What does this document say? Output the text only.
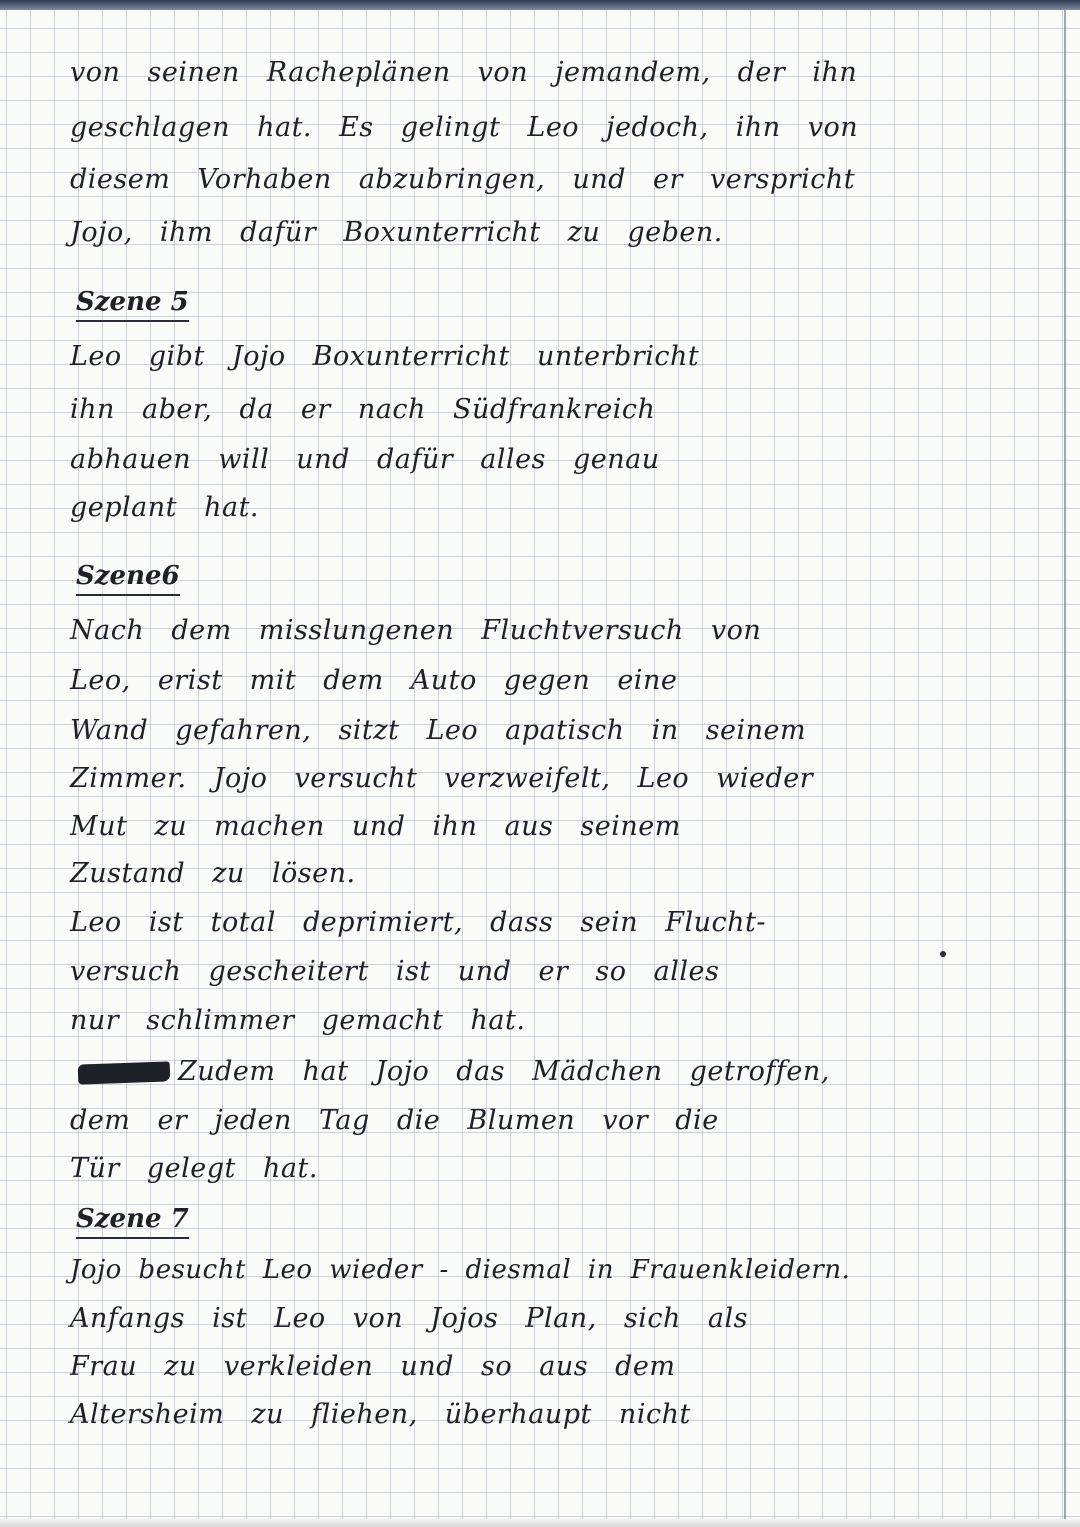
von seinen Racheplänen von jemandem, der ihn

geschlagen hat. Es gelingt Leo jedoch, ihn von

diesem Vorhaben abzubringen, und er verspricht

Jojo, ihm dafür Boxunterricht zu geben.

Szene 5

Leo gibt Jojo Boxunterricht unterbricht

ihn aber, da er nach Südfrankreich

abhauen will und dafür alles genau

geplant hat.

Szene6

Nach dem misslungenen Fluchtversuch von

Leo, erist mit dem Auto gegen eine

Wand gefahren, sitzt Leo apatisch in seinem

Zimmer. Jojo versucht verzweifelt, Leo wieder

Mut zu machen und ihn aus seinem

Zustand zu lösen.

Leo ist total deprimiert, dass sein Flucht-

versuch gescheitert ist und er so alles

nur schlimmer gemacht hat.

Zudem hat Jojo das Mädchen getroffen,

dem er jeden Tag die Blumen vor die

Tür gelegt hat.

Szene 7

Jojo besucht Leo wieder - diesmal in Frauenkleidern.

Anfangs ist Leo von Jojos Plan, sich als

Frau zu verkleiden und so aus dem

Altersheim zu fliehen, überhaupt nicht
